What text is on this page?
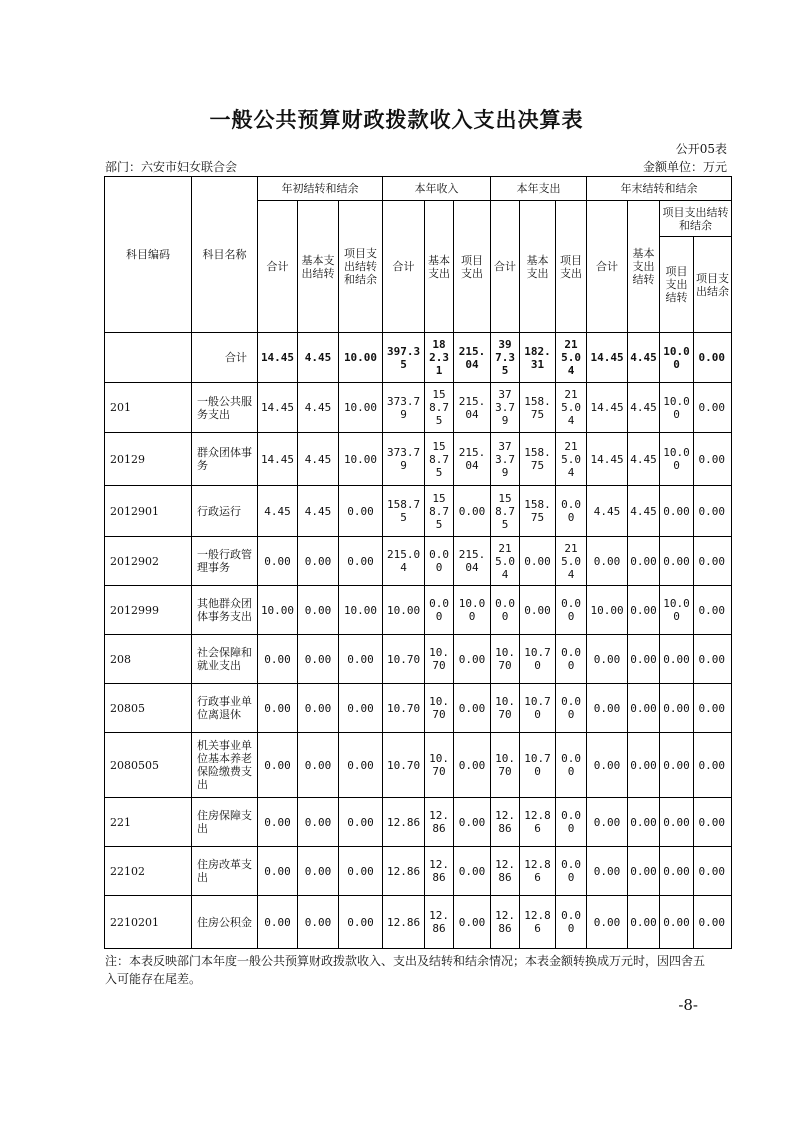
一般公共预算财政拨款收入支出决算表
公开05表
部门：六安市妇女联合会	金额单位：万元
科目编码	科目名称	年初结转和结余			本年收入			本年支出			年末结转和结余			
		合计	基本支出结转	项目支出结转和结余	合计	基本支出	项目支出	合计	基本支出	项目支出	合计	基本支出结转	项目支出结转和结余	
													项目支出结转	项目支出结余
	合计	14.45	4.45	10.00	397.35	182.31	215.04	397.35	182.31	215.04	14.45	4.45	10.00	0.00
201	一般公共服务支出	14.45	4.45	10.00	373.79	158.75	215.04	373.79	158.75	215.04	14.45	4.45	10.00	0.00
20129	群众团体事务	14.45	4.45	10.00	373.79	158.75	215.04	373.79	158.75	215.04	14.45	4.45	10.00	0.00
2012901	行政运行	4.45	4.45	0.00	158.75	158.75	0.00	158.75	158.75	0.00	4.45	4.45	0.00	0.00
2012902	一般行政管理事务	0.00	0.00	0.00	215.04	0.00	215.04	215.04	0.00	215.04	0.00	0.00	0.00	0.00
2012999	其他群众团体事务支出	10.00	0.00	10.00	10.00	0.00	10.00	0.00	0.00	0.00	10.00	0.00	10.00	0.00
208	社会保障和就业支出	0.00	0.00	0.00	10.70	10.70	0.00	10.70	10.70	0.00	0.00	0.00	0.00	0.00
20805	行政事业单位离退休	0.00	0.00	0.00	10.70	10.70	0.00	10.70	10.70	0.00	0.00	0.00	0.00	0.00
2080505	机关事业单位基本养老保险缴费支出	0.00	0.00	0.00	10.70	10.70	0.00	10.70	10.70	0.00	0.00	0.00	0.00	0.00
221	住房保障支出	0.00	0.00	0.00	12.86	12.86	0.00	12.86	12.86	0.00	0.00	0.00	0.00	0.00
22102	住房改革支出	0.00	0.00	0.00	12.86	12.86	0.00	12.86	12.86	0.00	0.00	0.00	0.00	0.00
2210201	住房公积金	0.00	0.00	0.00	12.86	12.86	0.00	12.86	12.86	0.00	0.00	0.00	0.00	0.00
注：本表反映部门本年度一般公共预算财政拨款收入、支出及结转和结余情况；本表金额转换成万元时，因四舍五入可能存在尾差。
-8-
